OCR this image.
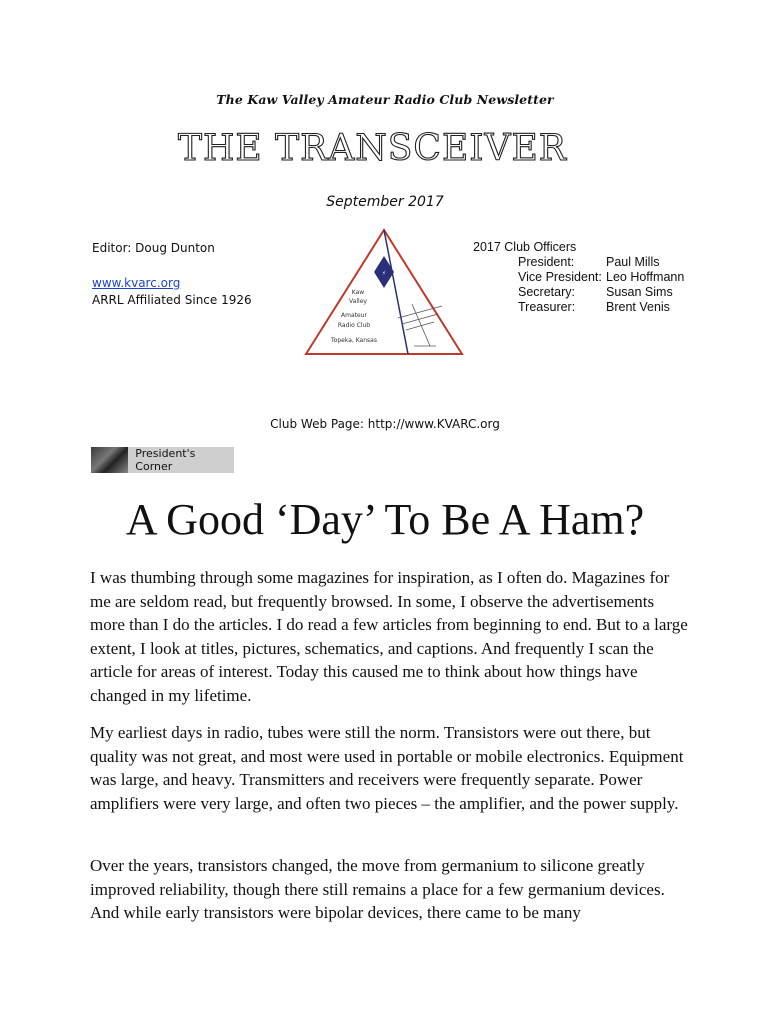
The Kaw Valley Amateur Radio Club Newsletter
THE TRANSCEIVER
September 2017
Editor: Doug Dunton
www.kvarc.org
ARRL Affiliated Since 1926
⚡
Kaw
Valley
Amateur
Radio Club
Topeka, Kansas
2017 Club Officers
President:	Paul Mills
Vice President: Leo Hoffmann
Secretary:	Susan Sims
Treasurer:	Brent Venis
Club Web Page: http://www.KVARC.org
President's Corner
A Good ‘Day’ To Be A Ham?
I was thumbing through some magazines for inspiration, as I often do. Magazines for me are seldom read, but frequently browsed. In some, I observe the advertisements more than I do the articles. I do read a few articles from beginning to end. But to a large extent, I look at titles, pictures, schematics, and captions. And frequently I scan the article for areas of interest. Today this caused me to think about how things have changed in my lifetime.
My earliest days in radio, tubes were still the norm. Transistors were out there, but quality was not great, and most were used in portable or mobile electronics. Equipment was large, and heavy. Transmitters and receivers were frequently separate. Power amplifiers were very large, and often two pieces – the amplifier, and the power supply.
Over the years, transistors changed, the move from germanium to silicone greatly improved reliability, though there still remains a place for a few germanium devices. And while early transistors were bipolar devices, there came to be many
